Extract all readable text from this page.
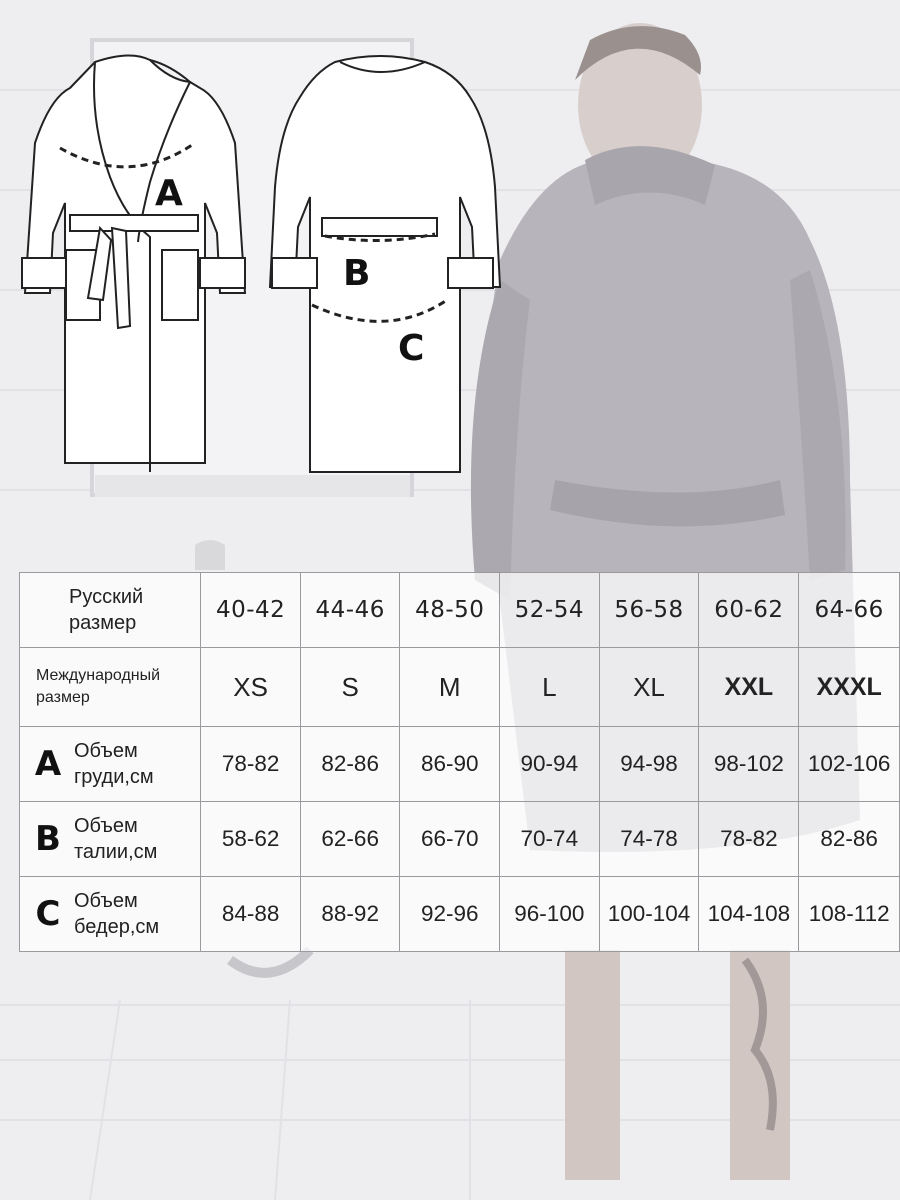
A
B
C
Русский
размер	40-42	44-46	48-50	52-54	56-58	60-62	64-66

Международный
размер	XS	S	M	L	XL	XXL	XXXL

A Объем
груди,см	78-82	82-86	86-90	90-94	94-98	98-102	102-106

B Объем
талии,см	58-62	62-66	66-70	70-74	74-78	78-82	82-86

C Объем
бедер,см	84-88	88-92	92-96	96-100	100-104	104-108	108-112
